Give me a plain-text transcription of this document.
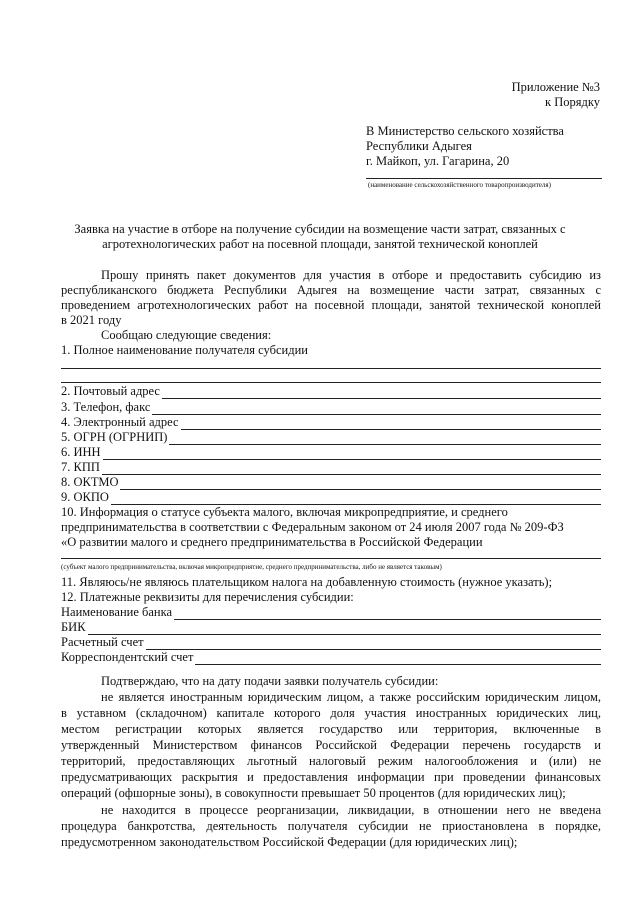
Приложение №3
к Порядку
В Министерство сельского хозяйства
Республики Адыгея
г. Майкоп, ул. Гагарина, 20
(наименование сельскохозяйственного товаропроизводителя)
Заявка на участие в отборе на получение субсидии на возмещение части затрат, связанных с
агротехнологических работ на посевной площади, занятой технической коноплей
Прошу принять пакет документов для участия в отборе и предоставить субсидию из
республиканского бюджета Республики Адыгея на возмещение части затрат, связанных с
проведением агротехнологических работ на посевной площади, занятой технической коноплей
в 2021 году
Сообщаю следующие сведения:
1. Полное наименование получателя субсидии
2. Почтовый адрес
3. Телефон, факс
4. Электронный адрес
5. ОГРН (ОГРНИП)
6. ИНН
7. КПП
8. ОКТМО
9. ОКПО
10. Информация о статусе субъекта малого, включая микропредприятие, и среднего
предпринимательства в соответствии с Федеральным законом от 24 июля 2007 года № 209-ФЗ
«О развитии малого и среднего предпринимательства в Российской Федерации
(субъект малого предпринимательства, включая микропредприятие, среднего предпринимательства, либо не является таковым)
11. Являюсь/не являюсь плательщиком налога на добавленную стоимость (нужное указать);
12. Платежные реквизиты для перечисления субсидии:
Наименование банка
БИК
Расчетный счет
Корреспондентский счет
Подтверждаю, что на дату подачи заявки получатель субсидии:
не является иностранным юридическим лицом, а также российским юридическим лицом,
в уставном (складочном) капитале которого доля участия иностранных юридических лиц,
местом регистрации которых является государство или территория, включенные в
утвержденный Министерством финансов Российской Федерации перечень государств и
территорий, предоставляющих льготный налоговый режим налогообложения и (или) не
предусматривающих раскрытия и предоставления информации при проведении финансовых
операций (офшорные зоны), в совокупности превышает 50 процентов (для юридических лиц);
не находится в процессе реорганизации, ликвидации, в отношении него не введена
процедура банкротства, деятельность получателя субсидии не приостановлена в порядке,
предусмотренном законодательством Российской Федерации (для юридических лиц);
